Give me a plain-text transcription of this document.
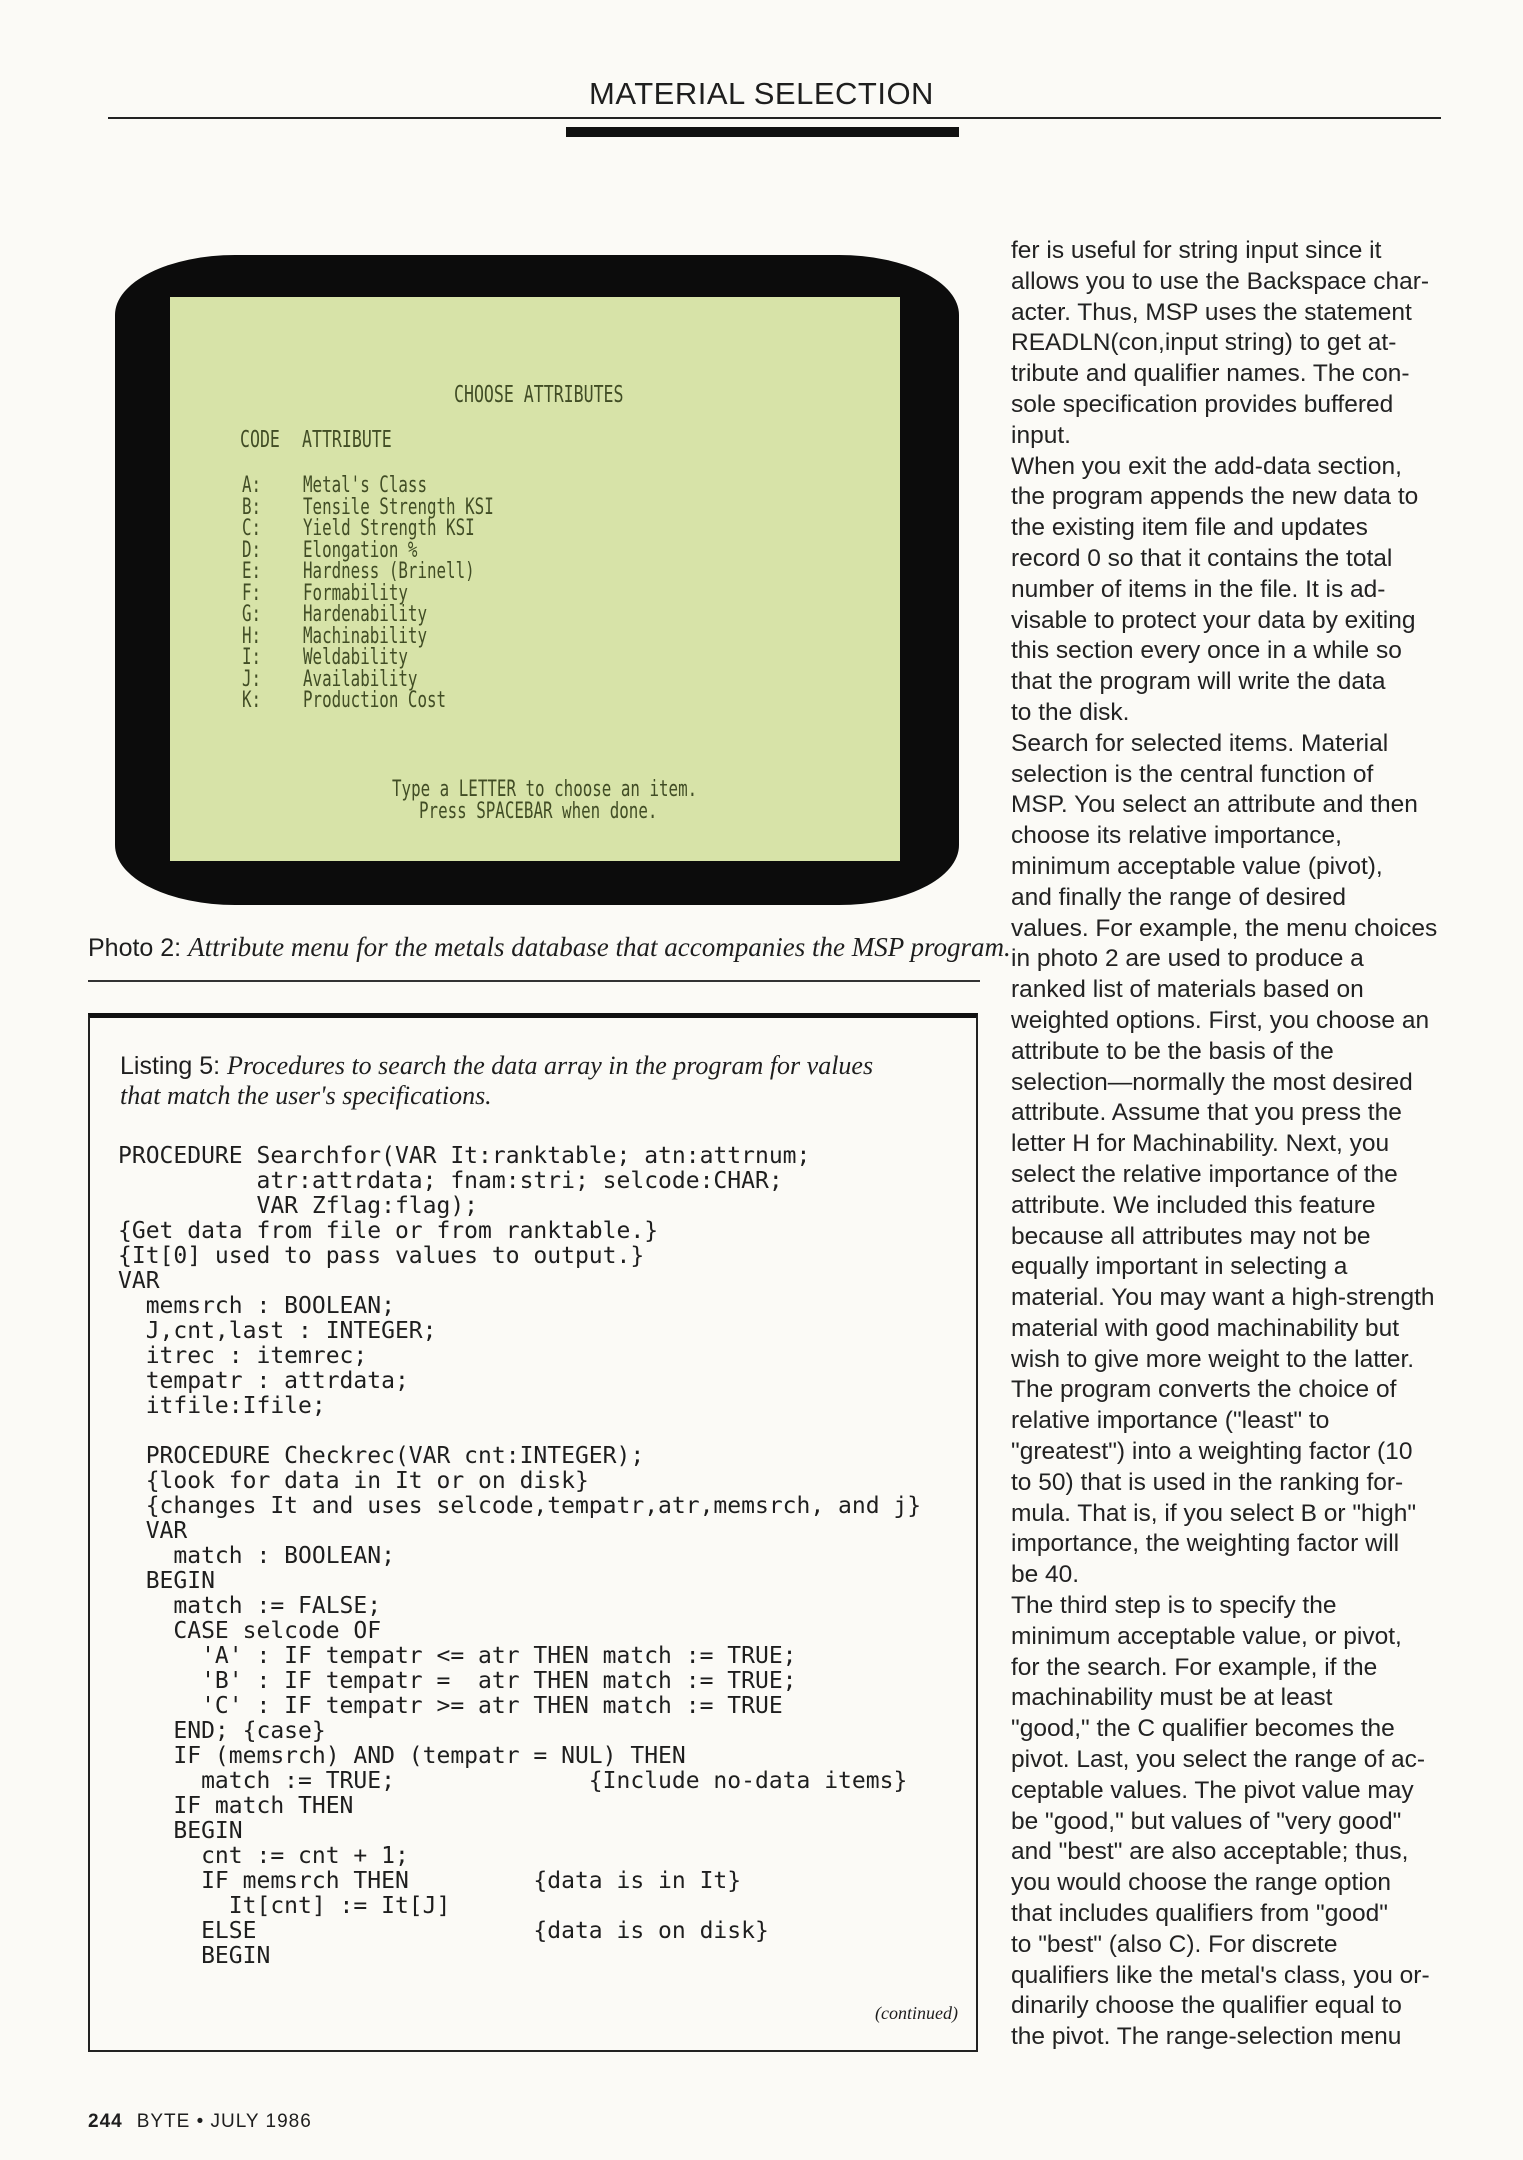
MATERIAL SELECTION
CHOOSE ATTRIBUTES
CODE ATTRIBUTE
A:
B:
C:
D:
E:
F:
G:
H:
I:
J:
K:
Metal's Class
Tensile Strength KSI
Yield Strength KSI
Elongation %
Hardness (Brinell)
Formability
Hardenability
Machinability
Weldability
Availability
Production Cost
Type a LETTER to choose an item.
Press SPACEBAR when done.
Photo 2: Attribute menu for the metals database that accompanies the MSP program.
Listing 5: Procedures to search the data array in the program for values that match the user's specifications.
PROCEDURE Searchfor(VAR It:ranktable; atn:attrnum;
atr:attrdata; fnam:stri; selcode:CHAR;
VAR Zflag:flag);
{Get data from file or from ranktable.}
{It[0] used to pass values to output.}
VAR
memsrch : BOOLEAN;
J,cnt,last : INTEGER;
itrec : itemrec;
tempatr : attrdata;
itfile:Ifile;
PROCEDURE Checkrec(VAR cnt:INTEGER);
{look for data in It or on disk}
{changes It and uses selcode,tempatr,atr,memsrch, and j}
VAR
match : BOOLEAN;
BEGIN
match := FALSE;
CASE selcode OF
'A' : IF tempatr <= atr THEN match := TRUE;
'B' : IF tempatr =  atr THEN match := TRUE;
'C' : IF tempatr >= atr THEN match := TRUE
END; {case}
IF (memsrch) AND (tempatr = NUL) THEN
match := TRUE;              {Include no-data items}
IF match THEN
BEGIN
cnt := cnt + 1;
IF memsrch THEN         {data is in It}
It[cnt] := It[J]
ELSE                    {data is on disk}
BEGIN
(continued)
fer is useful for string input since it
allows you to use the Backspace char-
acter. Thus, MSP uses the statement
READLN(con,input string) to get at-
tribute and qualifier names. The con-
sole specification provides buffered
input.
When you exit the add-data section,
the program appends the new data to
the existing item file and updates
record 0 so that it contains the total
number of items in the file. It is ad-
visable to protect your data by exiting
this section every once in a while so
that the program will write the data
to the disk.
Search for selected items. Material
selection is the central function of
MSP. You select an attribute and then
choose its relative importance,
minimum acceptable value (pivot),
and finally the range of desired
values. For example, the menu choices
in photo 2 are used to produce a
ranked list of materials based on
weighted options. First, you choose an
attribute to be the basis of the
selection—normally the most desired
attribute. Assume that you press the
letter H for Machinability. Next, you
select the relative importance of the
attribute. We included this feature
because all attributes may not be
equally important in selecting a
material. You may want a high-strength
material with good machinability but
wish to give more weight to the latter.
The program converts the choice of
relative importance ("least" to
"greatest") into a weighting factor (10
to 50) that is used in the ranking for-
mula. That is, if you select B or "high"
importance, the weighting factor will
be 40.
The third step is to specify the
minimum acceptable value, or pivot,
for the search. For example, if the
machinability must be at least
"good," the C qualifier becomes the
pivot. Last, you select the range of ac-
ceptable values. The pivot value may
be "good," but values of "very good"
and "best" are also acceptable; thus,
you would choose the range option
that includes qualifiers from "good"
to "best" (also C). For discrete
qualifiers like the metal's class, you or-
dinarily choose the qualifier equal to
the pivot. The range-selection menu
244 BYTE • JULY 1986
